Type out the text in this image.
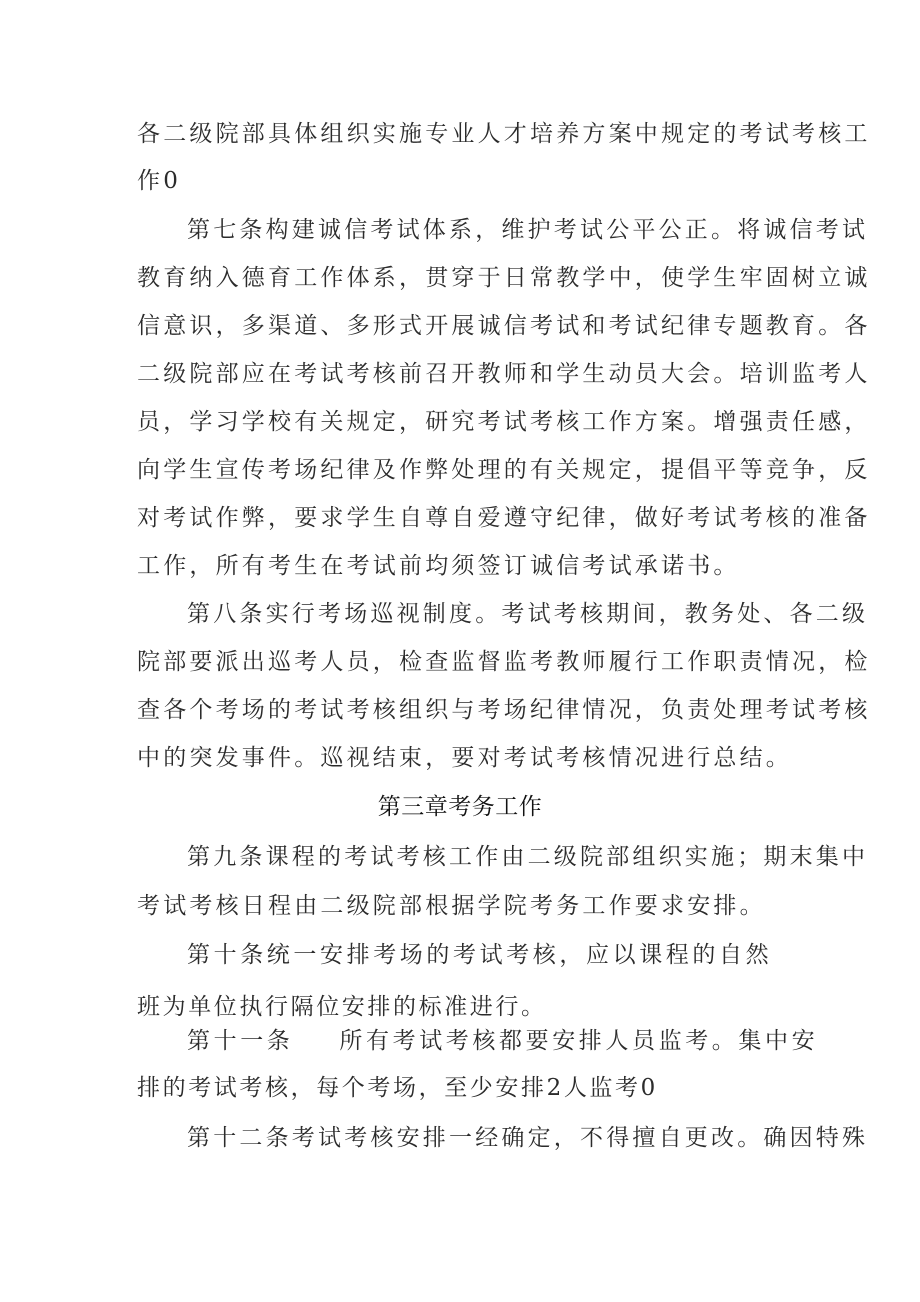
各二级院部具体组织实施专业人才培养方案中规定的考试考核工
作0
第七条构建诚信考试体系，维护考试公平公正。将诚信考试
教育纳入德育工作体系，贯穿于日常教学中，使学生牢固树立诚
信意识，多渠道、多形式开展诚信考试和考试纪律专题教育。各
二级院部应在考试考核前召开教师和学生动员大会。培训监考人
员，学习学校有关规定，研究考试考核工作方案。增强责任感，
向学生宣传考场纪律及作弊处理的有关规定，提倡平等竞争，反
对考试作弊，要求学生自尊自爱遵守纪律，做好考试考核的准备
工作，所有考生在考试前均须签订诚信考试承诺书。
第八条实行考场巡视制度。考试考核期间，教务处、各二级
院部要派出巡考人员，检查监督监考教师履行工作职责情况，检
查各个考场的考试考核组织与考场纪律情况，负责处理考试考核
中的突发事件。巡视结束，要对考试考核情况进行总结。
第三章考务工作
第九条课程的考试考核工作由二级院部组织实施；期末集中
考试考核日程由二级院部根据学院考务工作要求安排。
第十条统一安排考场的考试考核，应以课程的自然
班为单位执行隔位安排的标准进行。
第十一条 所有考试考核都要安排人员监考。集中安
排的考试考核，每个考场，至少安排2人监考0
第十二条考试考核安排一经确定，不得擅自更改。确因特殊
